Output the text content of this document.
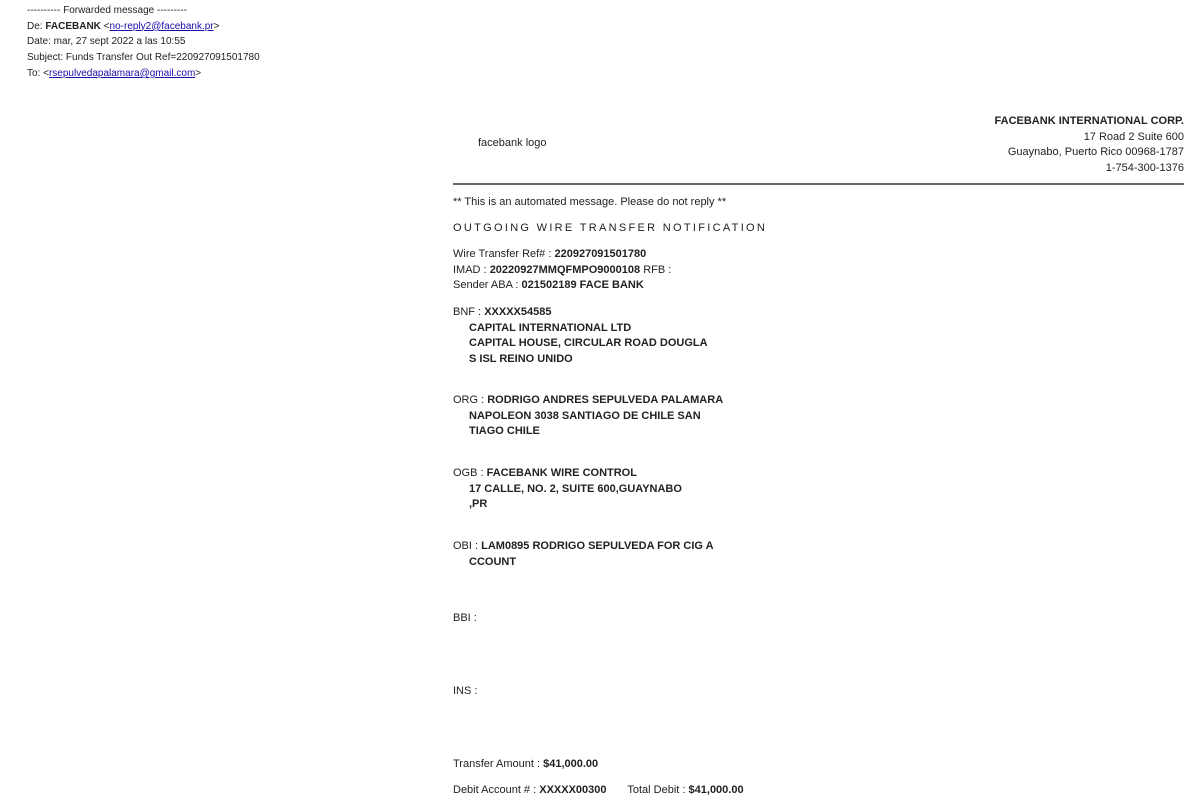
---------- Forwarded message ---------
De: FACEBANK <no-reply2@facebank.pr>
Date: mar, 27 sept 2022 a las 10:55
Subject: Funds Transfer Out Ref=220927091501780
To: <rsepulvedapalamara@gmail.com>
facebank logo
FACEBANK INTERNATIONAL CORP.
17 Road 2 Suite 600
Guaynabo, Puerto Rico 00968-1787
1-754-300-1376
** This is an automated message. Please do not reply **
OUTGOING WIRE TRANSFER NOTIFICATION
Wire Transfer Ref# : 220927091501780
IMAD : 20220927MMQFMPO9000108 RFB :
Sender ABA : 021502189 FACE BANK
BNF : XXXXX54585
CAPITAL INTERNATIONAL LTD
CAPITAL HOUSE, CIRCULAR ROAD DOUGLA
S ISL REINO UNIDO
ORG : RODRIGO ANDRES SEPULVEDA PALAMARA
NAPOLEON 3038 SANTIAGO DE CHILE SAN
TIAGO CHILE
OGB : FACEBANK WIRE CONTROL
17 CALLE, NO. 2, SUITE 600,GUAYNABO
,PR
OBI : LAM0895 RODRIGO SEPULVEDA FOR CIG A
CCOUNT
BBI :
INS :
Transfer Amount : $41,000.00
Debit Account # : XXXXX00300 Total Debit : $41,000.00
